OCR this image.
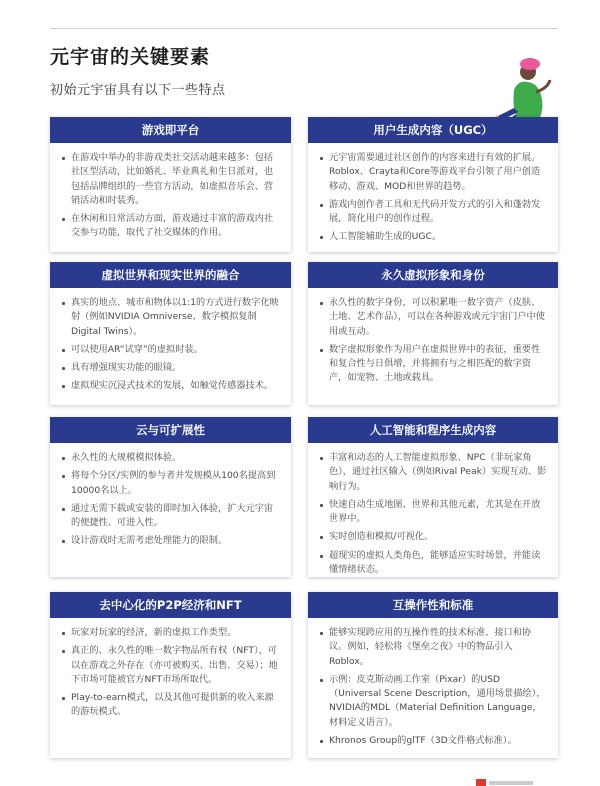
元宇宙的关键要素

初始元宇宙具有以下一些特点

游戏即平台
在游戏中举办的非游戏类社交活动越来越多：包括社区型活动，比如婚礼、毕业典礼和生日派对，也包括品牌组织的一些官方活动，如虚拟音乐会、营销活动和时装秀。
在休闲和日常活动方面，游戏通过丰富的游戏内社交参与功能，取代了社交媒体的作用。
用户生成内容（UGC）
元宇宙需要通过社区创作的内容来进行有效的扩展。Roblox、Crayta和Core等游戏平台引领了用户创造移动、游戏、MOD和世界的趋势。
游戏内创作者工具和无代码开发方式的引入和蓬勃发展，简化用户的创作过程。
人工智能辅助生成的UGC。
虚拟世界和现实世界的融合
真实的地点、城市和物体以1:1的方式进行数字化映射（例如NVIDIA Omniverse、数字模拟复制Digital Twins）。
可以使用AR“试穿”的虚拟时装。
具有增强现实功能的眼镜。
虚拟现实沉浸式技术的发展，如触觉传感器技术。
永久虚拟形象和身份
永久性的数字身份，可以积累唯一数字资产（皮肤、土地、艺术作品），可以在各种游戏或元宇宙门户中使用或互动。
数字虚拟形象作为用户在虚拟世界中的表征，重要性和复合性与日俱增，并将拥有与之相匹配的数字资产，如宠物、土地或载具。
云与可扩展性
永久性的大规模模拟体验。
将每个分区/实例的参与者并发规模从100名提高到10000名以上。
通过无需下载或安装的即时加入体验，扩大元宇宙的便捷性、可进入性。
设计游戏时无需考虑处理能力的限制。
人工智能和程序生成内容
丰富和动态的人工智能虚拟形象、NPC（非玩家角色），通过社区输入（例如Rival Peak）实现互动、影响行为。
快速自动生成地图、世界和其他元素，尤其是在开放世界中。
实时创造和模拟/可视化。
超现实的虚拟人类角色，能够适应实时场景，并能读懂情绪状态。
去中心化的P2P经济和NFT
玩家对玩家的经济，新的虚拟工作类型。
真正的、永久性的唯一数字物品所有权（NFT），可以在游戏之外存在（亦可被购买、出售、交易）；地下市场可能被官方NFT市场所取代。
Play-to-earn模式，以及其他可提供新的收入来源的游玩模式。
互操作性和标准
能够实现跨应用的互操作性的技术标准、接口和协议。例如，轻松将《堡垒之夜》中的物品引入Roblox。
示例：皮克斯动画工作室（Pixar）的USD（Universal Scene Description，通用场景描绘），NVIDIA的MDL（Material Definition Language，材料定义语言）。
Khronos Group的glTF（3D文件格式标准）。
